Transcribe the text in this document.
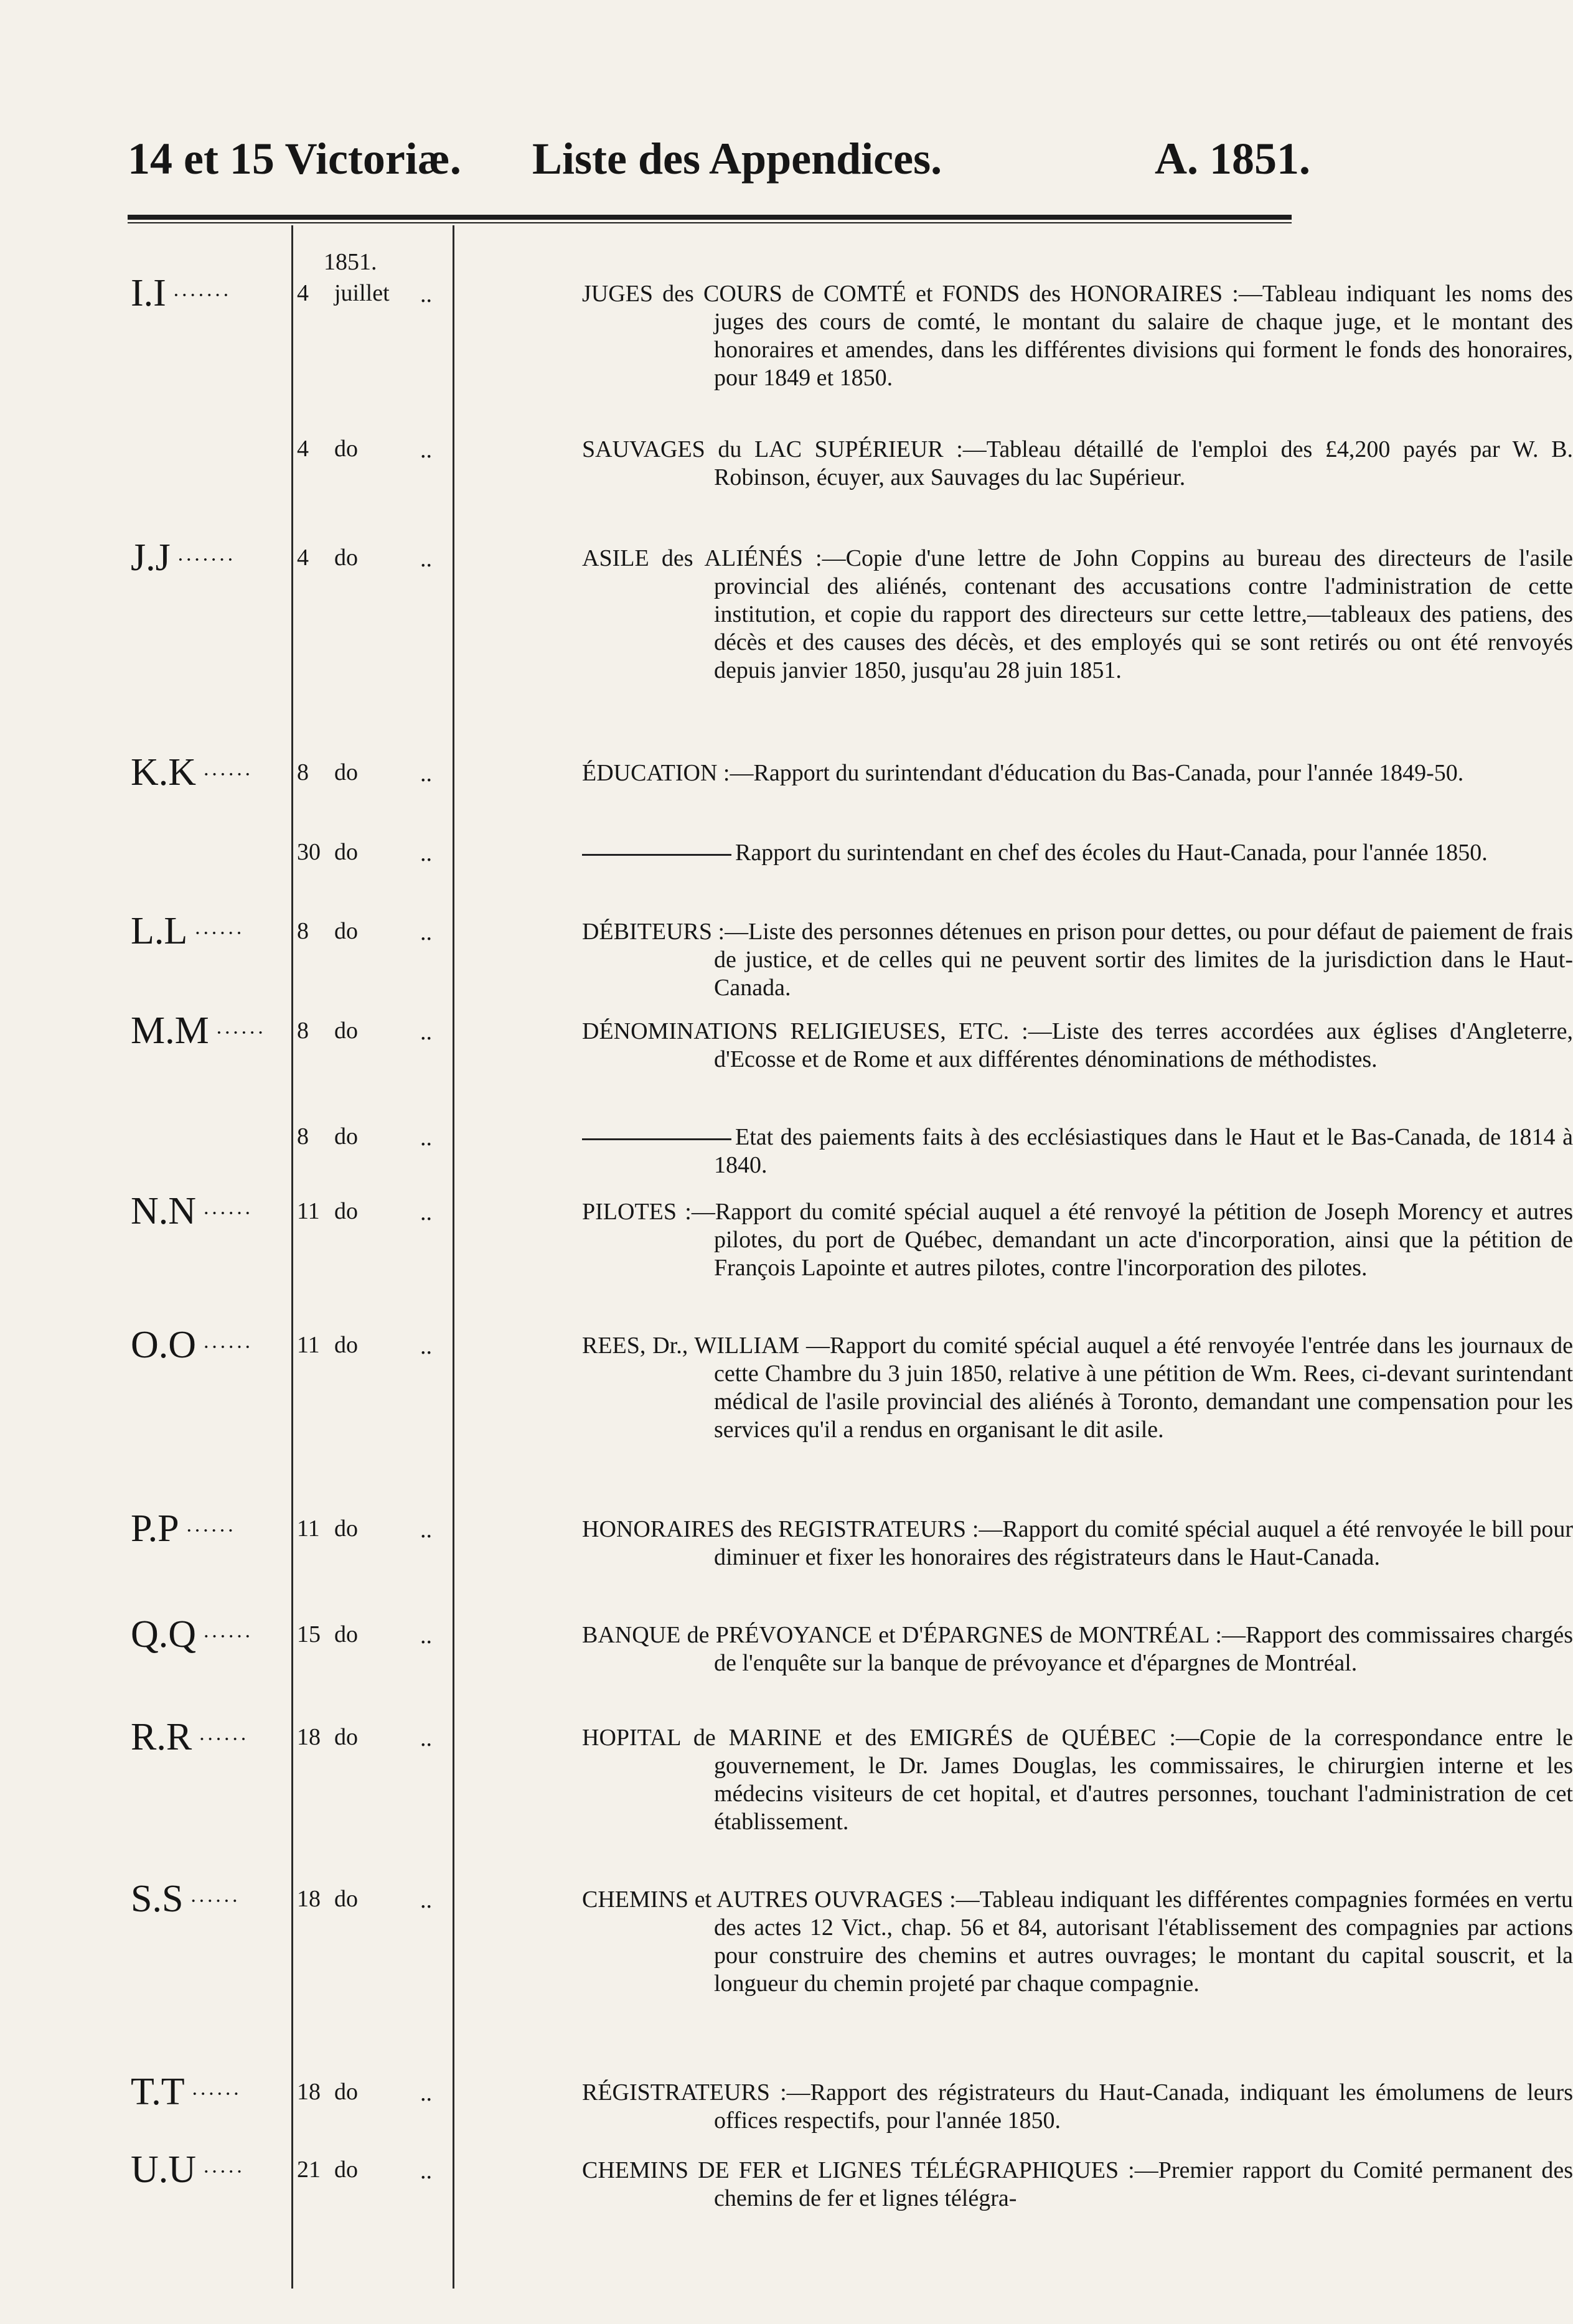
14 et 15 Victoriæ. Liste des Appendices.	A. 1851.
1851.
I.I ·······	4 juillet ..	JUGES des COURS de COMTÉ et FONDS des HONORAIRES :—Tableau indiquant les noms des juges des cours de comté, le montant du salaire de chaque juge, et le montant des honoraires et amendes, dans les différentes divisions qui forment le fonds des honoraires, pour 1849 et 1850.
4 do	..	SAUVAGES du LAC SUPÉRIEUR :—Tableau détaillé de l'emploi des £4,200 payés par W. B. Robinson, écuyer, aux Sauvages du lac Supérieur.
J.J ·······	4 do	..	ASILE des ALIÉNÉS :—Copie d'une lettre de John Coppins au bureau des directeurs de l'asile provincial des aliénés, contenant des accusations contre l'administration de cette institution, et copie du rapport des directeurs sur cette lettre,—tableaux des patiens, des décès et des causes des décès, et des employés qui se sont retirés ou ont été renvoyés depuis janvier 1850, jusqu'au 28 juin 1851.
K.K ······ 8 do	..	ÉDUCATION :—Rapport du surintendant d'éducation du Bas-Canada, pour l'année 1849-50.
30 do	..	Rapport du surintendant en chef des écoles du Haut-Canada, pour l'année 1850.
L.L ······ 8 do	..	DÉBITEURS :—Liste des personnes détenues en prison pour dettes, ou pour défaut de paiement de frais de justice, et de celles qui ne peuvent sortir des limites de la jurisdiction dans le Haut-Canada.
M.M ······ 8 do	..	DÉNOMINATIONS RELIGIEUSES, ETC. :—Liste des terres accordées aux églises d'Angleterre, d'Ecosse et de Rome et aux différentes dénominations de méthodistes.
8 do	..	Etat des paiements faits à des ecclésiastiques dans le Haut et le Bas-Canada, de 1814 à 1840.
N.N ······ 11 do	..	PILOTES :—Rapport du comité spécial auquel a été renvoyé la pétition de Joseph Morency et autres pilotes, du port de Québec, demandant un acte d'incorporation, ainsi que la pétition de François Lapointe et autres pilotes, contre l'incorporation des pilotes.
O.O ······ 11 do	..	REES, Dr., WILLIAM —Rapport du comité spécial auquel a été renvoyée l'entrée dans les journaux de cette Chambre du 3 juin 1850, relative à une pétition de Wm. Rees, ci-devant surintendant médical de l'asile provincial des aliénés à Toronto, demandant une compensation pour les services qu'il a rendus en organisant le dit asile.
P.P ······	11 do	..	HONORAIRES des REGISTRATEURS :—Rapport du comité spécial auquel a été renvoyée le bill pour diminuer et fixer les honoraires des régistrateurs dans le Haut-Canada.
Q.Q ······ 15 do	..	BANQUE de PRÉVOYANCE et D'ÉPARGNES de MONTRÉAL :—Rapport des commissaires chargés de l'enquête sur la banque de prévoyance et d'épargnes de Montréal.
R.R ······ 18 do	..	HOPITAL de MARINE et des EMIGRÉS de QUÉBEC :—Copie de la correspondance entre le gouvernement, le Dr. James Douglas, les commissaires, le chirurgien interne et les médecins visiteurs de cet hopital, et d'autres personnes, touchant l'administration de cet établissement.
S.S ······ 18 do	..	CHEMINS et AUTRES OUVRAGES :—Tableau indiquant les différentes compagnies formées en vertu des actes 12 Vict., chap. 56 et 84, autorisant l'établissement des compagnies par actions pour construire des chemins et autres ouvrages; le montant du capital souscrit, et la longueur du chemin projeté par chaque compagnie.
T.T ······ 18 do	..	RÉGISTRATEURS :—Rapport des régistrateurs du Haut-Canada, indiquant les émolumens de leurs offices respectifs, pour l'année 1850.
U.U ····· 21 do	..	CHEMINS DE FER et LIGNES TÉLÉGRAPHIQUES :—Premier rapport du Comité permanent des chemins de fer et lignes télégra-
